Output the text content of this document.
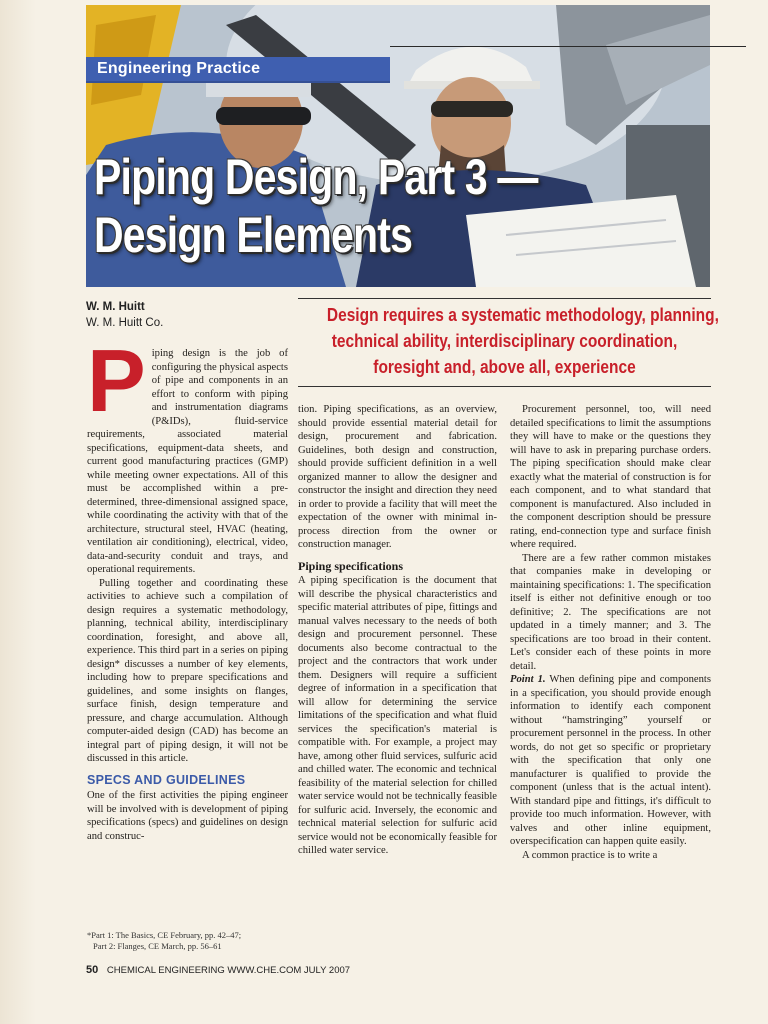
Engineering Practice
Piping Design, Part 3 —
Design Elements
W. M. Huitt
W. M. Huitt Co.	Design requires a systematic methodology, planning,
technical ability, interdisciplinary coordination,
foresight and, above all, experience
P iping design is the job of configuring the physical aspects of pipe and components in an effort to conform with piping and instrumentation diagrams (P&IDs), fluid-service requirements, associated material specifications, equipment-data sheets, and current good manufacturing practices (GMP) while meeting owner expectations. All of this must be accomplished within a pre-determined, three-dimensional assigned space, while coordinating the activity with that of the architecture, structural steel, HVAC (heating, ventilation air conditioning), electrical, video, data-and-security conduit and trays, and operational requirements.

Pulling together and coordinating these activities to achieve such a compilation of design requires a systematic methodology, planning, technical ability, interdisciplinary coordination, foresight, and above all, experience. This third part in a series on piping design* discusses a number of key elements, including how to prepare specifications and guidelines, and some insights on flanges, surface finish, design temperature and pressure, and charge accumulation. Although computer-aided design (CAD) has become an integral part of piping design, it will not be discussed in this article.

SPECS AND GUIDELINES

One of the first activities the piping engineer will be involved with is development of piping specifications (specs) and guidelines on design and construc-

*Part 1: The Basics, CE February, pp. 42–47;
Part 2: Flanges, CE March, pp. 56–61

tion. Piping specifications, as an overview, should provide essential material detail for design, procurement and fabrication. Guidelines, both design and construction, should provide sufficient definition in a well organized manner to allow the designer and constructor the insight and direction they need in order to provide a facility that will meet the expectation of the owner with minimal in-process direction from the owner or construction manager.

Piping specifications

A piping specification is the document that will describe the physical characteristics and specific material attributes of pipe, fittings and manual valves necessary to the needs of both design and procurement personnel. These documents also become contractual to the project and the contractors that work under them. Designers will require a sufficient degree of information in a specification that will allow for determining the service limitations of the specification and what fluid services the specification's material is compatible with. For example, a project may have, among other fluid services, sulfuric acid and chilled water. The economic and technical feasibility of the material selection for chilled water service would not be technically feasible for sulfuric acid. Inversely, the economic and technical material selection for sulfuric acid service would not be economically feasible for chilled water service.

Procurement personnel, too, will need detailed specifications to limit the assumptions they will have to make or the questions they will have to ask in preparing purchase orders. The piping specification should make clear exactly what the material of construction is for each component, and to what standard that component is manufactured. Also included in the component description should be pressure rating, end-connection type and surface finish where required.

There are a few rather common mistakes that companies make in developing or maintaining specifications: 1. The specification itself is either not definitive enough or too definitive; 2. The specifications are not updated in a timely manner; and 3. The specifications are too broad in their content. Let's consider each of these points in more detail.

Point 1. When defining pipe and components in a specification, you should provide enough information to identify each component without “hamstringing” yourself or procurement personnel in the process. In other words, do not get so specific or proprietary with the specification that only one manufacturer is qualified to provide the component (unless that is the actual intent). With standard pipe and fittings, it's difficult to provide too much information. However, with valves and other inline equipment, overspecification can happen quite easily.

A common practice is to write a

50 CHEMICAL ENGINEERING WWW.CHE.COM JULY 2007
